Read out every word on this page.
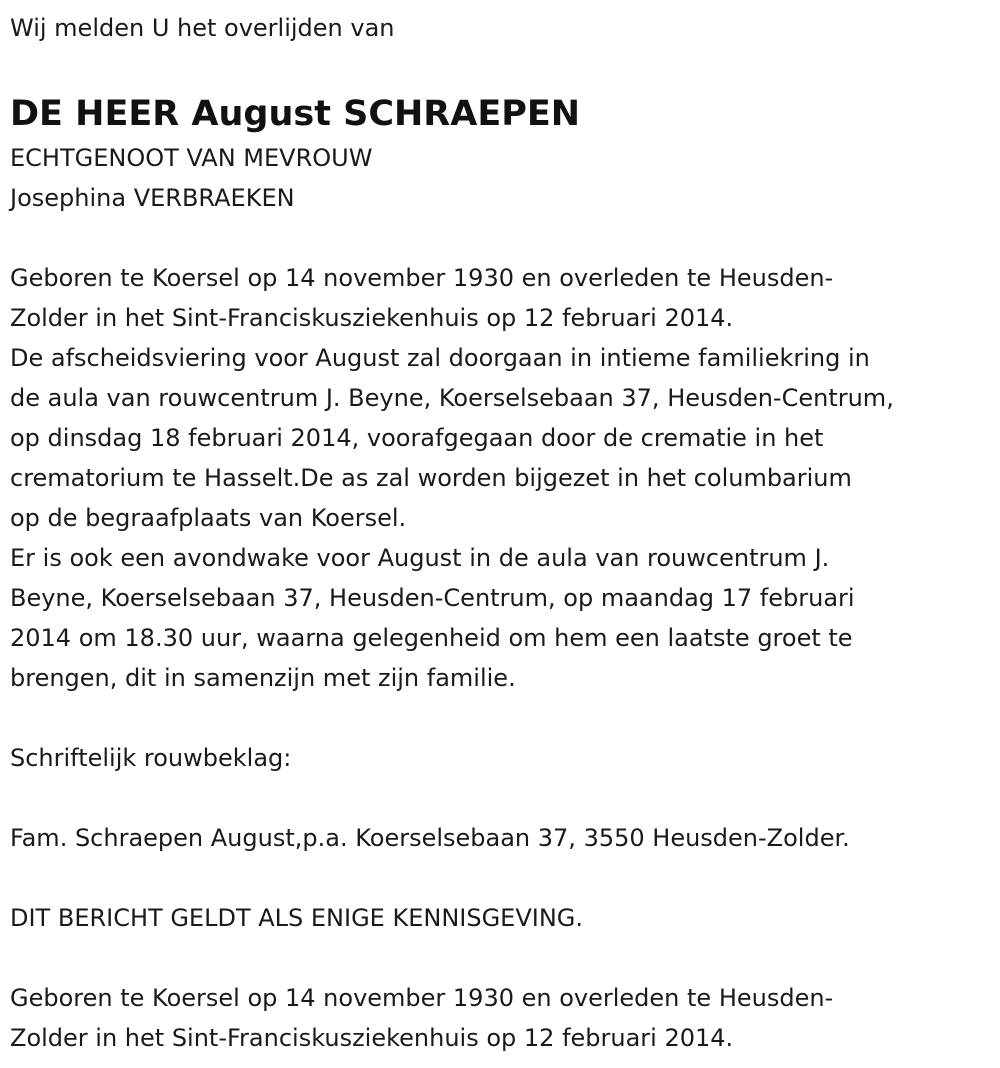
Wij melden U het overlijden van

DE HEER August SCHRAEPEN

ECHTGENOOT VAN MEVROUW

Josephina VERBRAEKEN

Geboren te Koersel op 14 november 1930 en overleden te Heusden-

Zolder in het Sint-Franciskusziekenhuis op 12 februari 2014.

De afscheidsviering voor August zal doorgaan in intieme familiekring in

de aula van rouwcentrum J. Beyne, Koerselsebaan 37, Heusden-Centrum,

op dinsdag 18 februari 2014, voorafgegaan door de crematie in het

crematorium te Hasselt.De as zal worden bijgezet in het columbarium

op de begraafplaats van Koersel.

Er is ook een avondwake voor August in de aula van rouwcentrum J.

Beyne, Koerselsebaan 37, Heusden-Centrum, op maandag 17 februari

2014 om 18.30 uur, waarna gelegenheid om hem een laatste groet te

brengen, dit in samenzijn met zijn familie.

Schriftelijk rouwbeklag:

Fam. Schraepen August,p.a. Koerselsebaan 37, 3550 Heusden-Zolder.

DIT BERICHT GELDT ALS ENIGE KENNISGEVING.

Geboren te Koersel op 14 november 1930 en overleden te Heusden-

Zolder in het Sint-Franciskusziekenhuis op 12 februari 2014.
